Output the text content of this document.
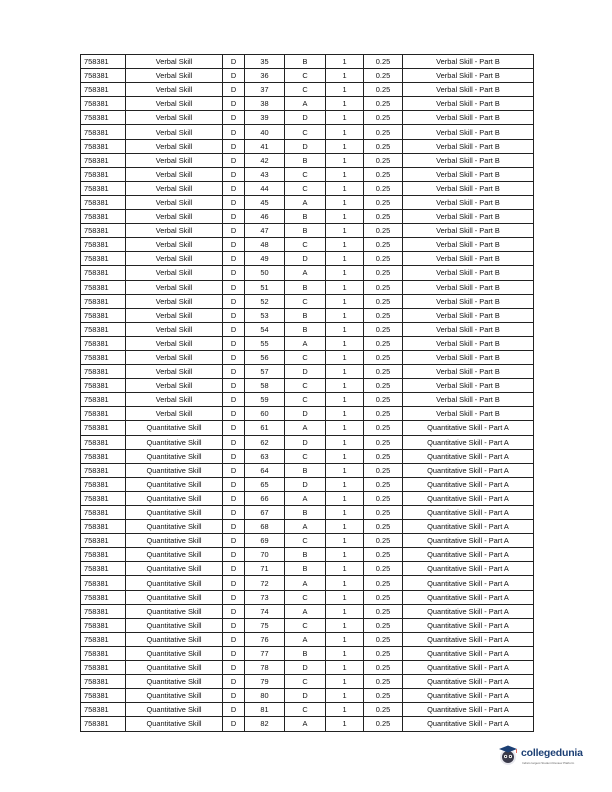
758381	Verbal Skill	D	35	B	1	0.25	Verbal Skill - Part B
758381	Verbal Skill	D	36	C	1	0.25	Verbal Skill - Part B
758381	Verbal Skill	D	37	C	1	0.25	Verbal Skill - Part B
758381	Verbal Skill	D	38	A	1	0.25	Verbal Skill - Part B
758381	Verbal Skill	D	39	D	1	0.25	Verbal Skill - Part B
758381	Verbal Skill	D	40	C	1	0.25	Verbal Skill - Part B
758381	Verbal Skill	D	41	D	1	0.25	Verbal Skill - Part B
758381	Verbal Skill	D	42	B	1	0.25	Verbal Skill - Part B
758381	Verbal Skill	D	43	C	1	0.25	Verbal Skill - Part B
758381	Verbal Skill	D	44	C	1	0.25	Verbal Skill - Part B
758381	Verbal Skill	D	45	A	1	0.25	Verbal Skill - Part B
758381	Verbal Skill	D	46	B	1	0.25	Verbal Skill - Part B
758381	Verbal Skill	D	47	B	1	0.25	Verbal Skill - Part B
758381	Verbal Skill	D	48	C	1	0.25	Verbal Skill - Part B
758381	Verbal Skill	D	49	D	1	0.25	Verbal Skill - Part B
758381	Verbal Skill	D	50	A	1	0.25	Verbal Skill - Part B
758381	Verbal Skill	D	51	B	1	0.25	Verbal Skill - Part B
758381	Verbal Skill	D	52	C	1	0.25	Verbal Skill - Part B
758381	Verbal Skill	D	53	B	1	0.25	Verbal Skill - Part B
758381	Verbal Skill	D	54	B	1	0.25	Verbal Skill - Part B
758381	Verbal Skill	D	55	A	1	0.25	Verbal Skill - Part B
758381	Verbal Skill	D	56	C	1	0.25	Verbal Skill - Part B
758381	Verbal Skill	D	57	D	1	0.25	Verbal Skill - Part B
758381	Verbal Skill	D	58	C	1	0.25	Verbal Skill - Part B
758381	Verbal Skill	D	59	C	1	0.25	Verbal Skill - Part B
758381	Verbal Skill	D	60	D	1	0.25	Verbal Skill - Part B
758381	Quantitative Skill	D	61	A	1	0.25	Quantitative Skill - Part A
758381	Quantitative Skill	D	62	D	1	0.25	Quantitative Skill - Part A
758381	Quantitative Skill	D	63	C	1	0.25	Quantitative Skill - Part A
758381	Quantitative Skill	D	64	B	1	0.25	Quantitative Skill - Part A
758381	Quantitative Skill	D	65	D	1	0.25	Quantitative Skill - Part A
758381	Quantitative Skill	D	66	A	1	0.25	Quantitative Skill - Part A
758381	Quantitative Skill	D	67	B	1	0.25	Quantitative Skill - Part A
758381	Quantitative Skill	D	68	A	1	0.25	Quantitative Skill - Part A
758381	Quantitative Skill	D	69	C	1	0.25	Quantitative Skill - Part A
758381	Quantitative Skill	D	70	B	1	0.25	Quantitative Skill - Part A
758381	Quantitative Skill	D	71	B	1	0.25	Quantitative Skill - Part A
758381	Quantitative Skill	D	72	A	1	0.25	Quantitative Skill - Part A
758381	Quantitative Skill	D	73	C	1	0.25	Quantitative Skill - Part A
758381	Quantitative Skill	D	74	A	1	0.25	Quantitative Skill - Part A
758381	Quantitative Skill	D	75	C	1	0.25	Quantitative Skill - Part A
758381	Quantitative Skill	D	76	A	1	0.25	Quantitative Skill - Part A
758381	Quantitative Skill	D	77	B	1	0.25	Quantitative Skill - Part A
758381	Quantitative Skill	D	78	D	1	0.25	Quantitative Skill - Part A
758381	Quantitative Skill	D	79	C	1	0.25	Quantitative Skill - Part A
758381	Quantitative Skill	D	80	D	1	0.25	Quantitative Skill - Part A
758381	Quantitative Skill	D	81	C	1	0.25	Quantitative Skill - Part A
758381	Quantitative Skill	D	82	A	1	0.25	Quantitative Skill - Part A
collegedunia
India's largest Student Review Platform
